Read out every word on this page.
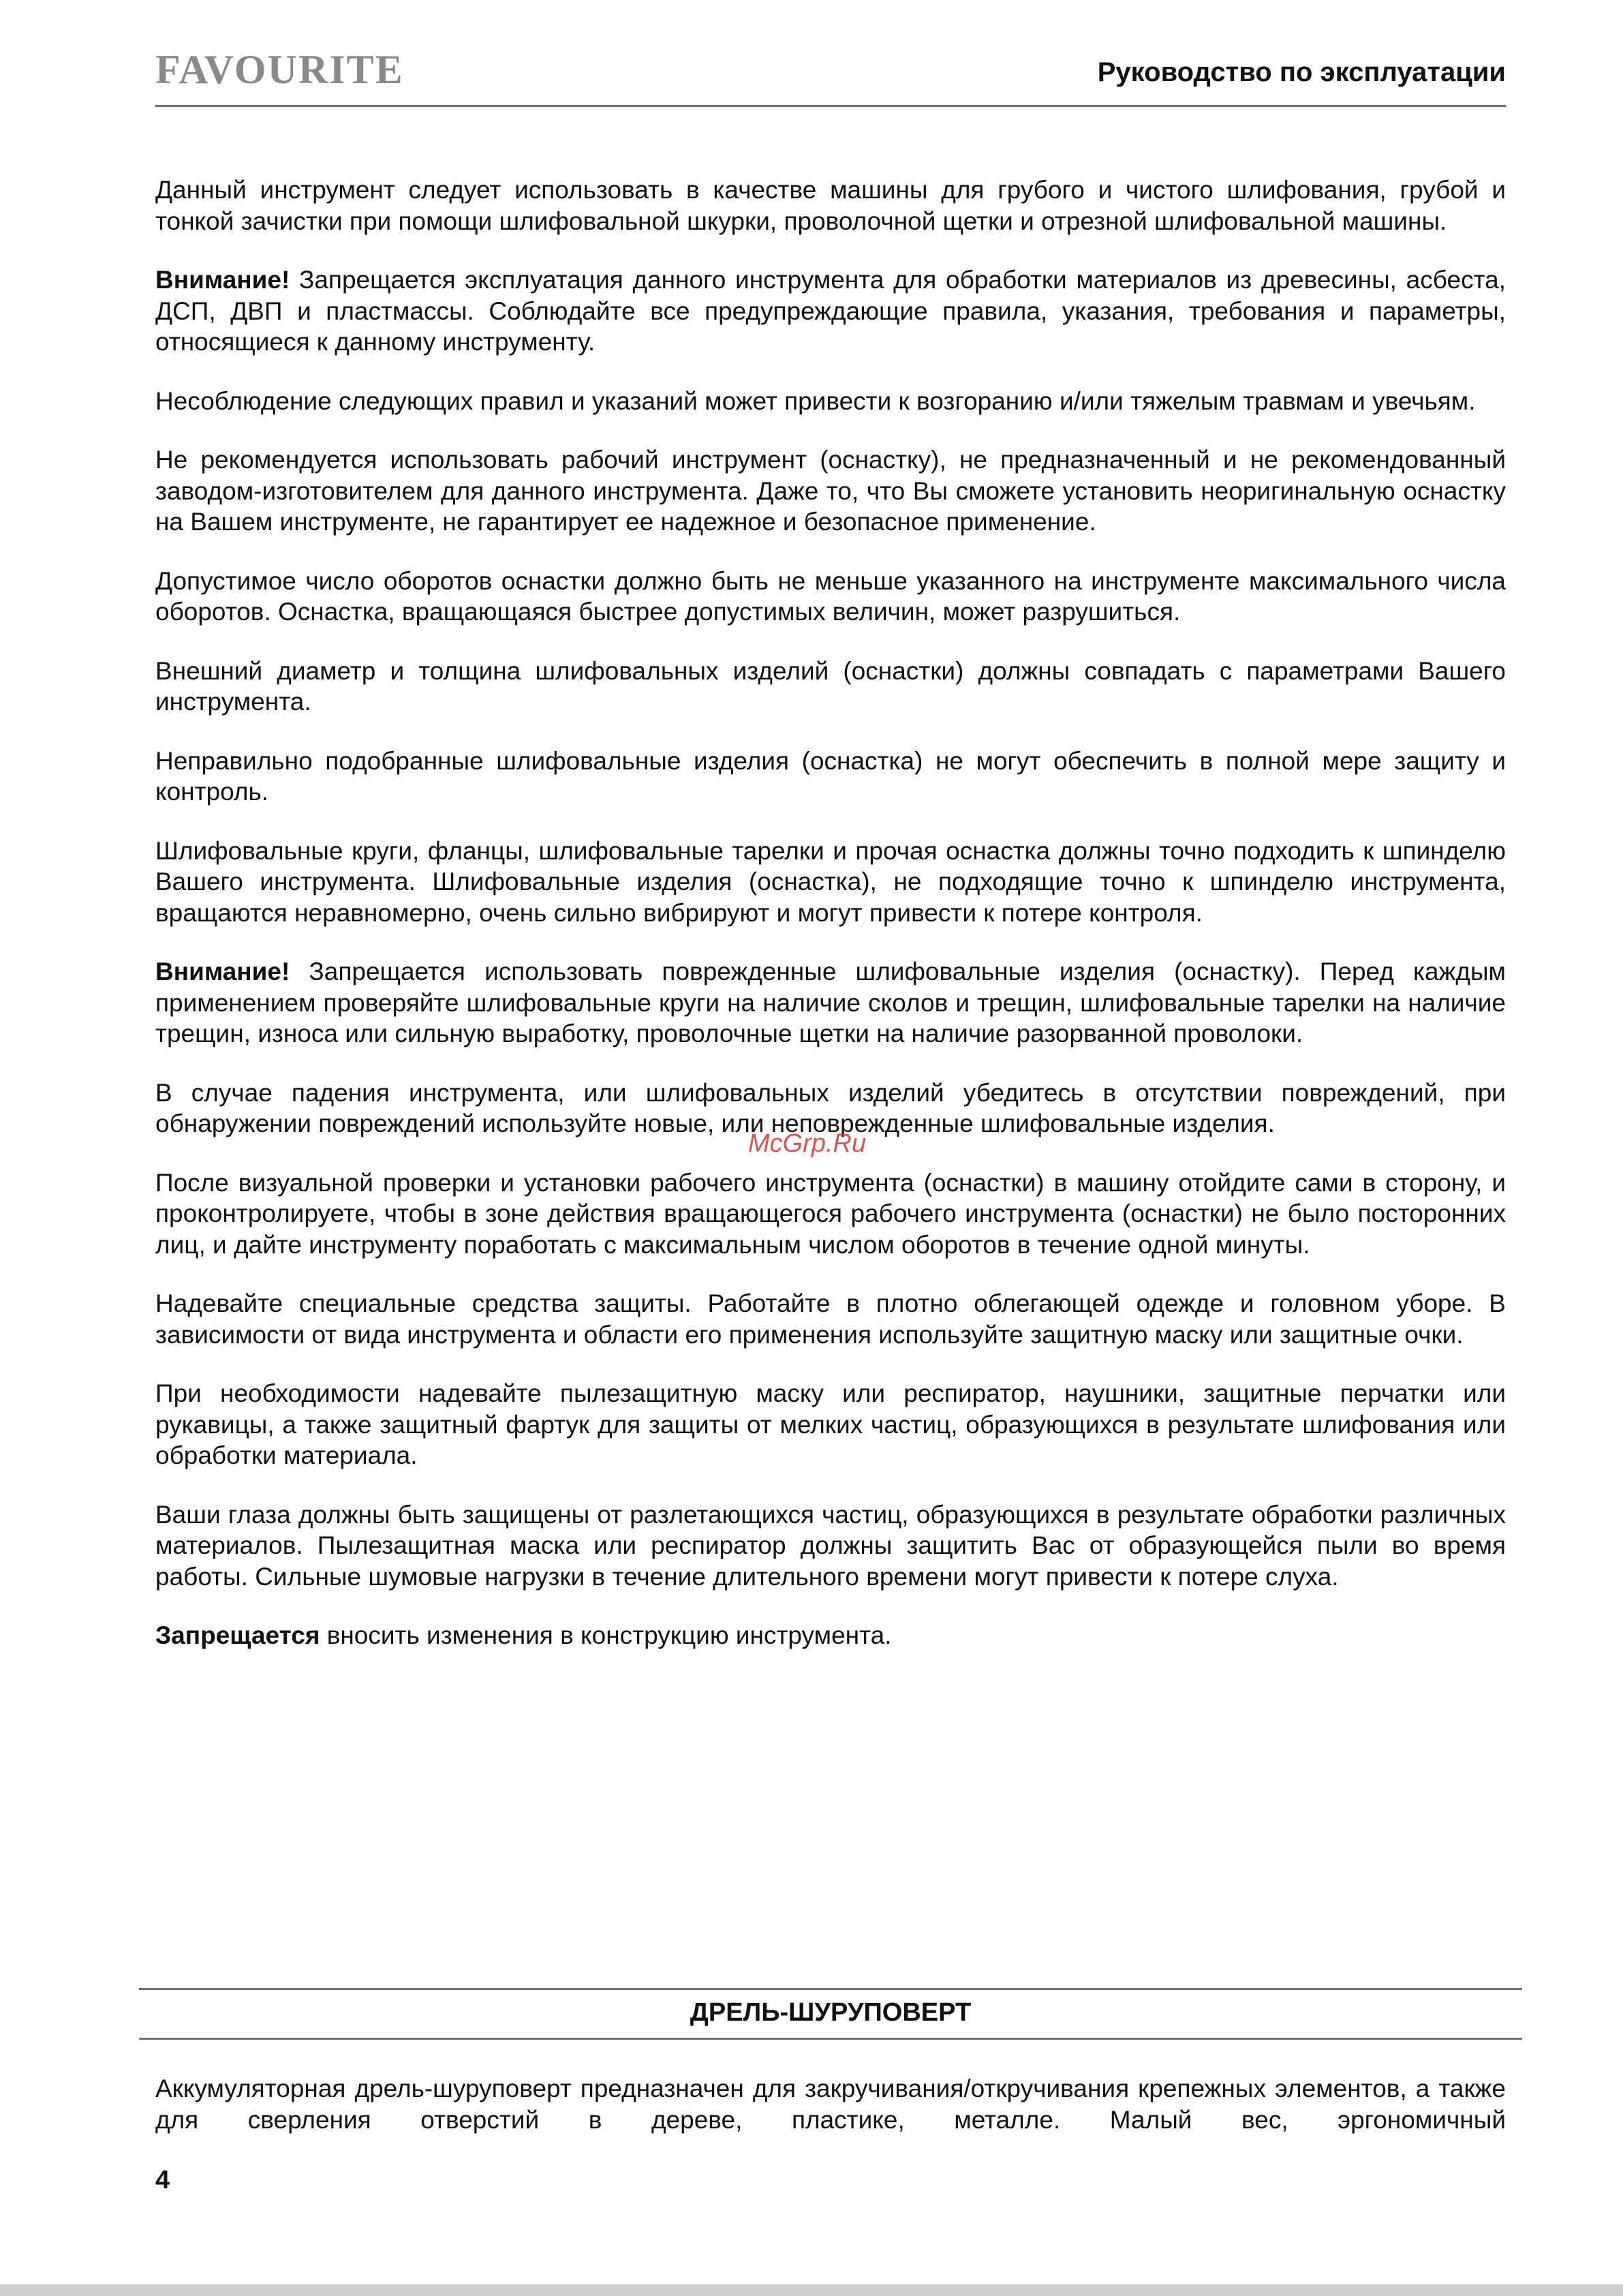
FAVOURITE	Руководство по эксплуатации

Данный инструмент следует использовать в качестве машины для грубого и чистого шлифования, грубой и тонкой зачистки при помощи шлифовальной шкурки, проволочной щетки и отрезной шлифовальной машины.

Внимание! Запрещается эксплуатация данного инструмента для обработки материалов из древесины, асбеста, ДСП, ДВП и пластмассы. Соблюдайте все предупреждающие правила, указания, требования и параметры, относящиеся к данному инструменту.

Несоблюдение следующих правил и указаний может привести к возгоранию и/или тяжелым травмам и увечьям.

Не рекомендуется использовать рабочий инструмент (оснастку), не предназначенный и не рекомендованный заводом-изготовителем для данного инструмента. Даже то, что Вы сможете установить неоригинальную оснастку на Вашем инструменте, не гарантирует ее надежное и безопасное применение.

Допустимое число оборотов оснастки должно быть не меньше указанного на инструменте максимального числа оборотов. Оснастка, вращающаяся быстрее допустимых величин, может разрушиться.

Внешний диаметр и толщина шлифовальных изделий (оснастки) должны совпадать с параметрами Вашего инструмента.

Неправильно подобранные шлифовальные изделия (оснастка) не могут обеспечить в полной мере защиту и контроль.

Шлифовальные круги, фланцы, шлифовальные тарелки и прочая оснастка должны точно подходить к шпинделю Вашего инструмента. Шлифовальные изделия (оснастка), не подходящие точно к шпинделю инструмента, вращаются неравномерно, очень сильно вибрируют и могут привести к потере контроля.

Внимание! Запрещается использовать поврежденные шлифовальные изделия (оснастку). Перед каждым применением проверяйте шлифовальные круги на наличие сколов и трещин, шлифовальные тарелки на наличие трещин, износа или сильную выработку, проволочные щетки на наличие разорванной проволоки.

В случае падения инструмента, или шлифовальных изделий убедитесь в отсутствии повреждений, при обнаружении повреждений используйте новые, или неповрежденные шлифовальные изделия.

После визуальной проверки и установки рабочего инструмента (оснастки) в машину отойдите сами в сторону, и проконтролируете, чтобы в зоне действия вращающегося рабочего инструмента (оснастки) не было посторонних лиц, и дайте инструменту поработать с максимальным числом оборотов в течение одной минуты.

Надевайте специальные средства защиты. Работайте в плотно облегающей одежде и головном уборе. В зависимости от вида инструмента и области его применения используйте защитную маску или защитные очки.

При необходимости надевайте пылезащитную маску или респиратор, наушники, защитные перчатки или рукавицы, а также защитный фартук для защиты от мелких частиц, образующихся в результате шлифования или обработки материала.

Ваши глаза должны быть защищены от разлетающихся частиц, образующихся в результате обработки различных материалов. Пылезащитная маска или респиратор должны защитить Вас от образующейся пыли во время работы. Сильные шумовые нагрузки в течение длительного времени могут привести к потере слуха.

Запрещается вносить изменения в конструкцию инструмента.

ДРЕЛЬ-ШУРУПОВЕРТ

Аккумуляторная дрель-шуруповерт предназначен для закручивания/откручивания крепежных элементов, а также для сверления отверстий в дереве, пластике, металле. Малый вес, эргономичный

McGrp.Ru
4
